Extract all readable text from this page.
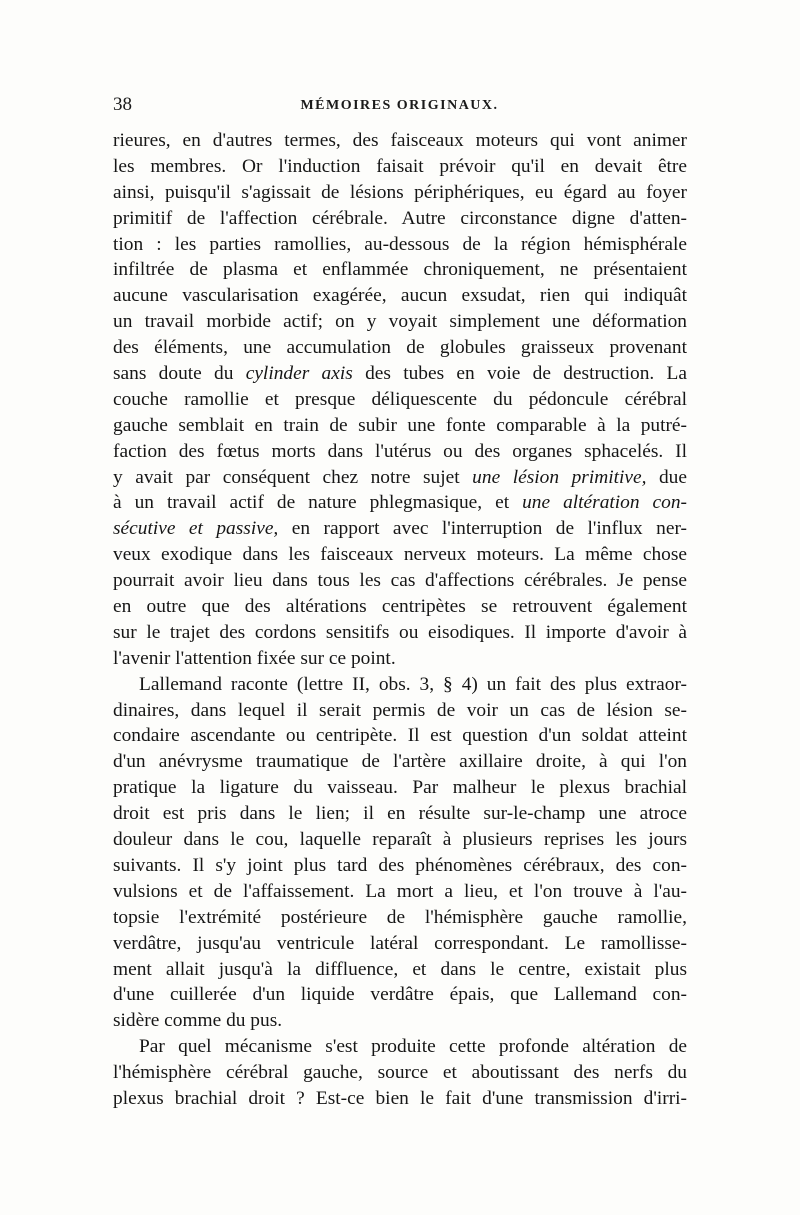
38	MÉMOIRES ORIGINAUX.

rieures, en d'autres termes, des faisceaux moteurs qui vont animer
les membres. Or l'induction faisait prévoir qu'il en devait être
ainsi, puisqu'il s'agissait de lésions périphériques, eu égard au foyer
primitif de l'affection cérébrale. Autre circonstance digne d'atten-
tion : les parties ramollies, au-dessous de la région hémisphérale
infiltrée de plasma et enflammée chroniquement, ne présentaient
aucune vascularisation exagérée, aucun exsudat, rien qui indiquât
un travail morbide actif; on y voyait simplement une déformation
des éléments, une accumulation de globules graisseux provenant
sans doute du cylinder axis des tubes en voie de destruction. La
couche ramollie et presque déliquescente du pédoncule cérébral
gauche semblait en train de subir une fonte comparable à la putré-
faction des fœtus morts dans l'utérus ou des organes sphacelés. Il
y avait par conséquent chez notre sujet une lésion primitive, due
à un travail actif de nature phlegmasique, et une altération con-
sécutive et passive, en rapport avec l'interruption de l'influx ner-
veux exodique dans les faisceaux nerveux moteurs. La même chose
pourrait avoir lieu dans tous les cas d'affections cérébrales. Je pense
en outre que des altérations centripètes se retrouvent également
sur le trajet des cordons sensitifs ou eisodiques. Il importe d'avoir à
l'avenir l'attention fixée sur ce point.

Lallemand raconte (lettre II, obs. 3, § 4) un fait des plus extraor-
dinaires, dans lequel il serait permis de voir un cas de lésion se-
condaire ascendante ou centripète. Il est question d'un soldat atteint
d'un anévrysme traumatique de l'artère axillaire droite, à qui l'on
pratique la ligature du vaisseau. Par malheur le plexus brachial
droit est pris dans le lien; il en résulte sur-le-champ une atroce
douleur dans le cou, laquelle reparaît à plusieurs reprises les jours
suivants. Il s'y joint plus tard des phénomènes cérébraux, des con-
vulsions et de l'affaissement. La mort a lieu, et l'on trouve à l'au-
topsie l'extrémité postérieure de l'hémisphère gauche ramollie,
verdâtre, jusqu'au ventricule latéral correspondant. Le ramollisse-
ment allait jusqu'à la diffluence, et dans le centre, existait plus
d'une cuillerée d'un liquide verdâtre épais, que Lallemand con-
sidère comme du pus.

Par quel mécanisme s'est produite cette profonde altération de
l'hémisphère cérébral gauche, source et aboutissant des nerfs du
plexus brachial droit ? Est-ce bien le fait d'une transmission d'irri-
